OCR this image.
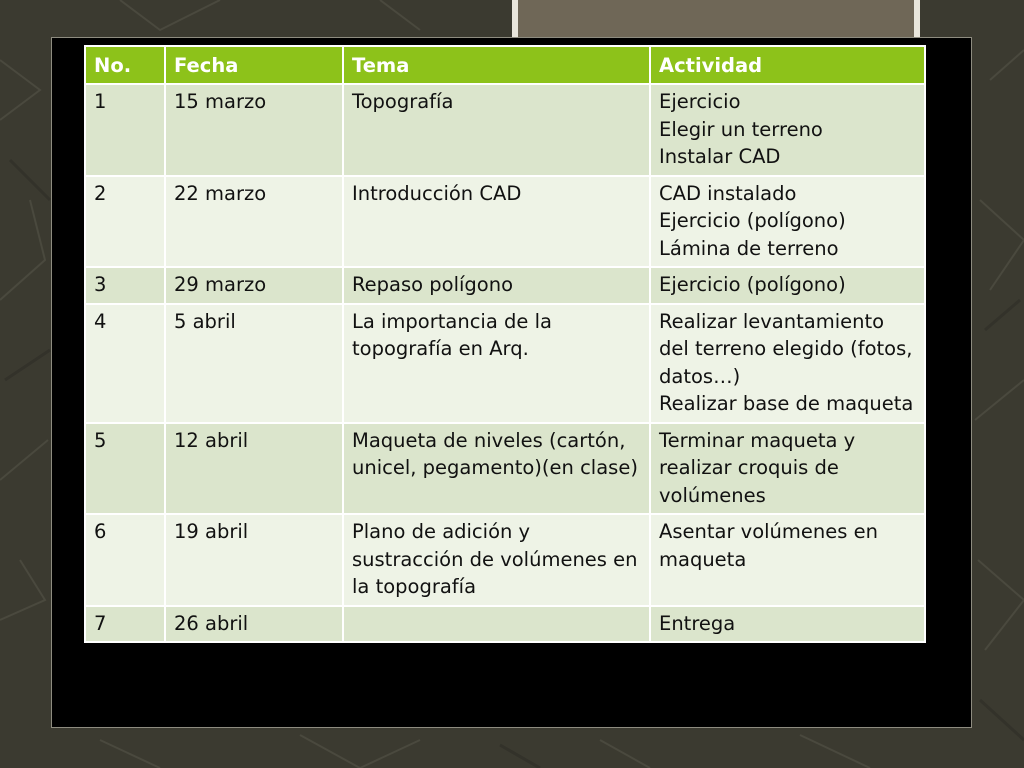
No.	Fecha	Tema	Actividad
1	15 marzo	Topografía	Ejercicio
Elegir un terreno
Instalar CAD
2	22 marzo	Introducción CAD	CAD instalado
Ejercicio (polígono)
Lámina de terreno
3	29 marzo	Repaso polígono	Ejercicio (polígono)
4	5 abril	La importancia de la topografía en Arq.	Realizar levantamiento del terreno elegido (fotos, datos…)
Realizar base de maqueta
5	12 abril	Maqueta de niveles (cartón, unicel, pegamento)(en clase)	Terminar maqueta y realizar croquis de volúmenes
6	19 abril	Plano de adición y sustracción de volúmenes en la topografía	Asentar volúmenes en maqueta
7	26 abril		Entrega
